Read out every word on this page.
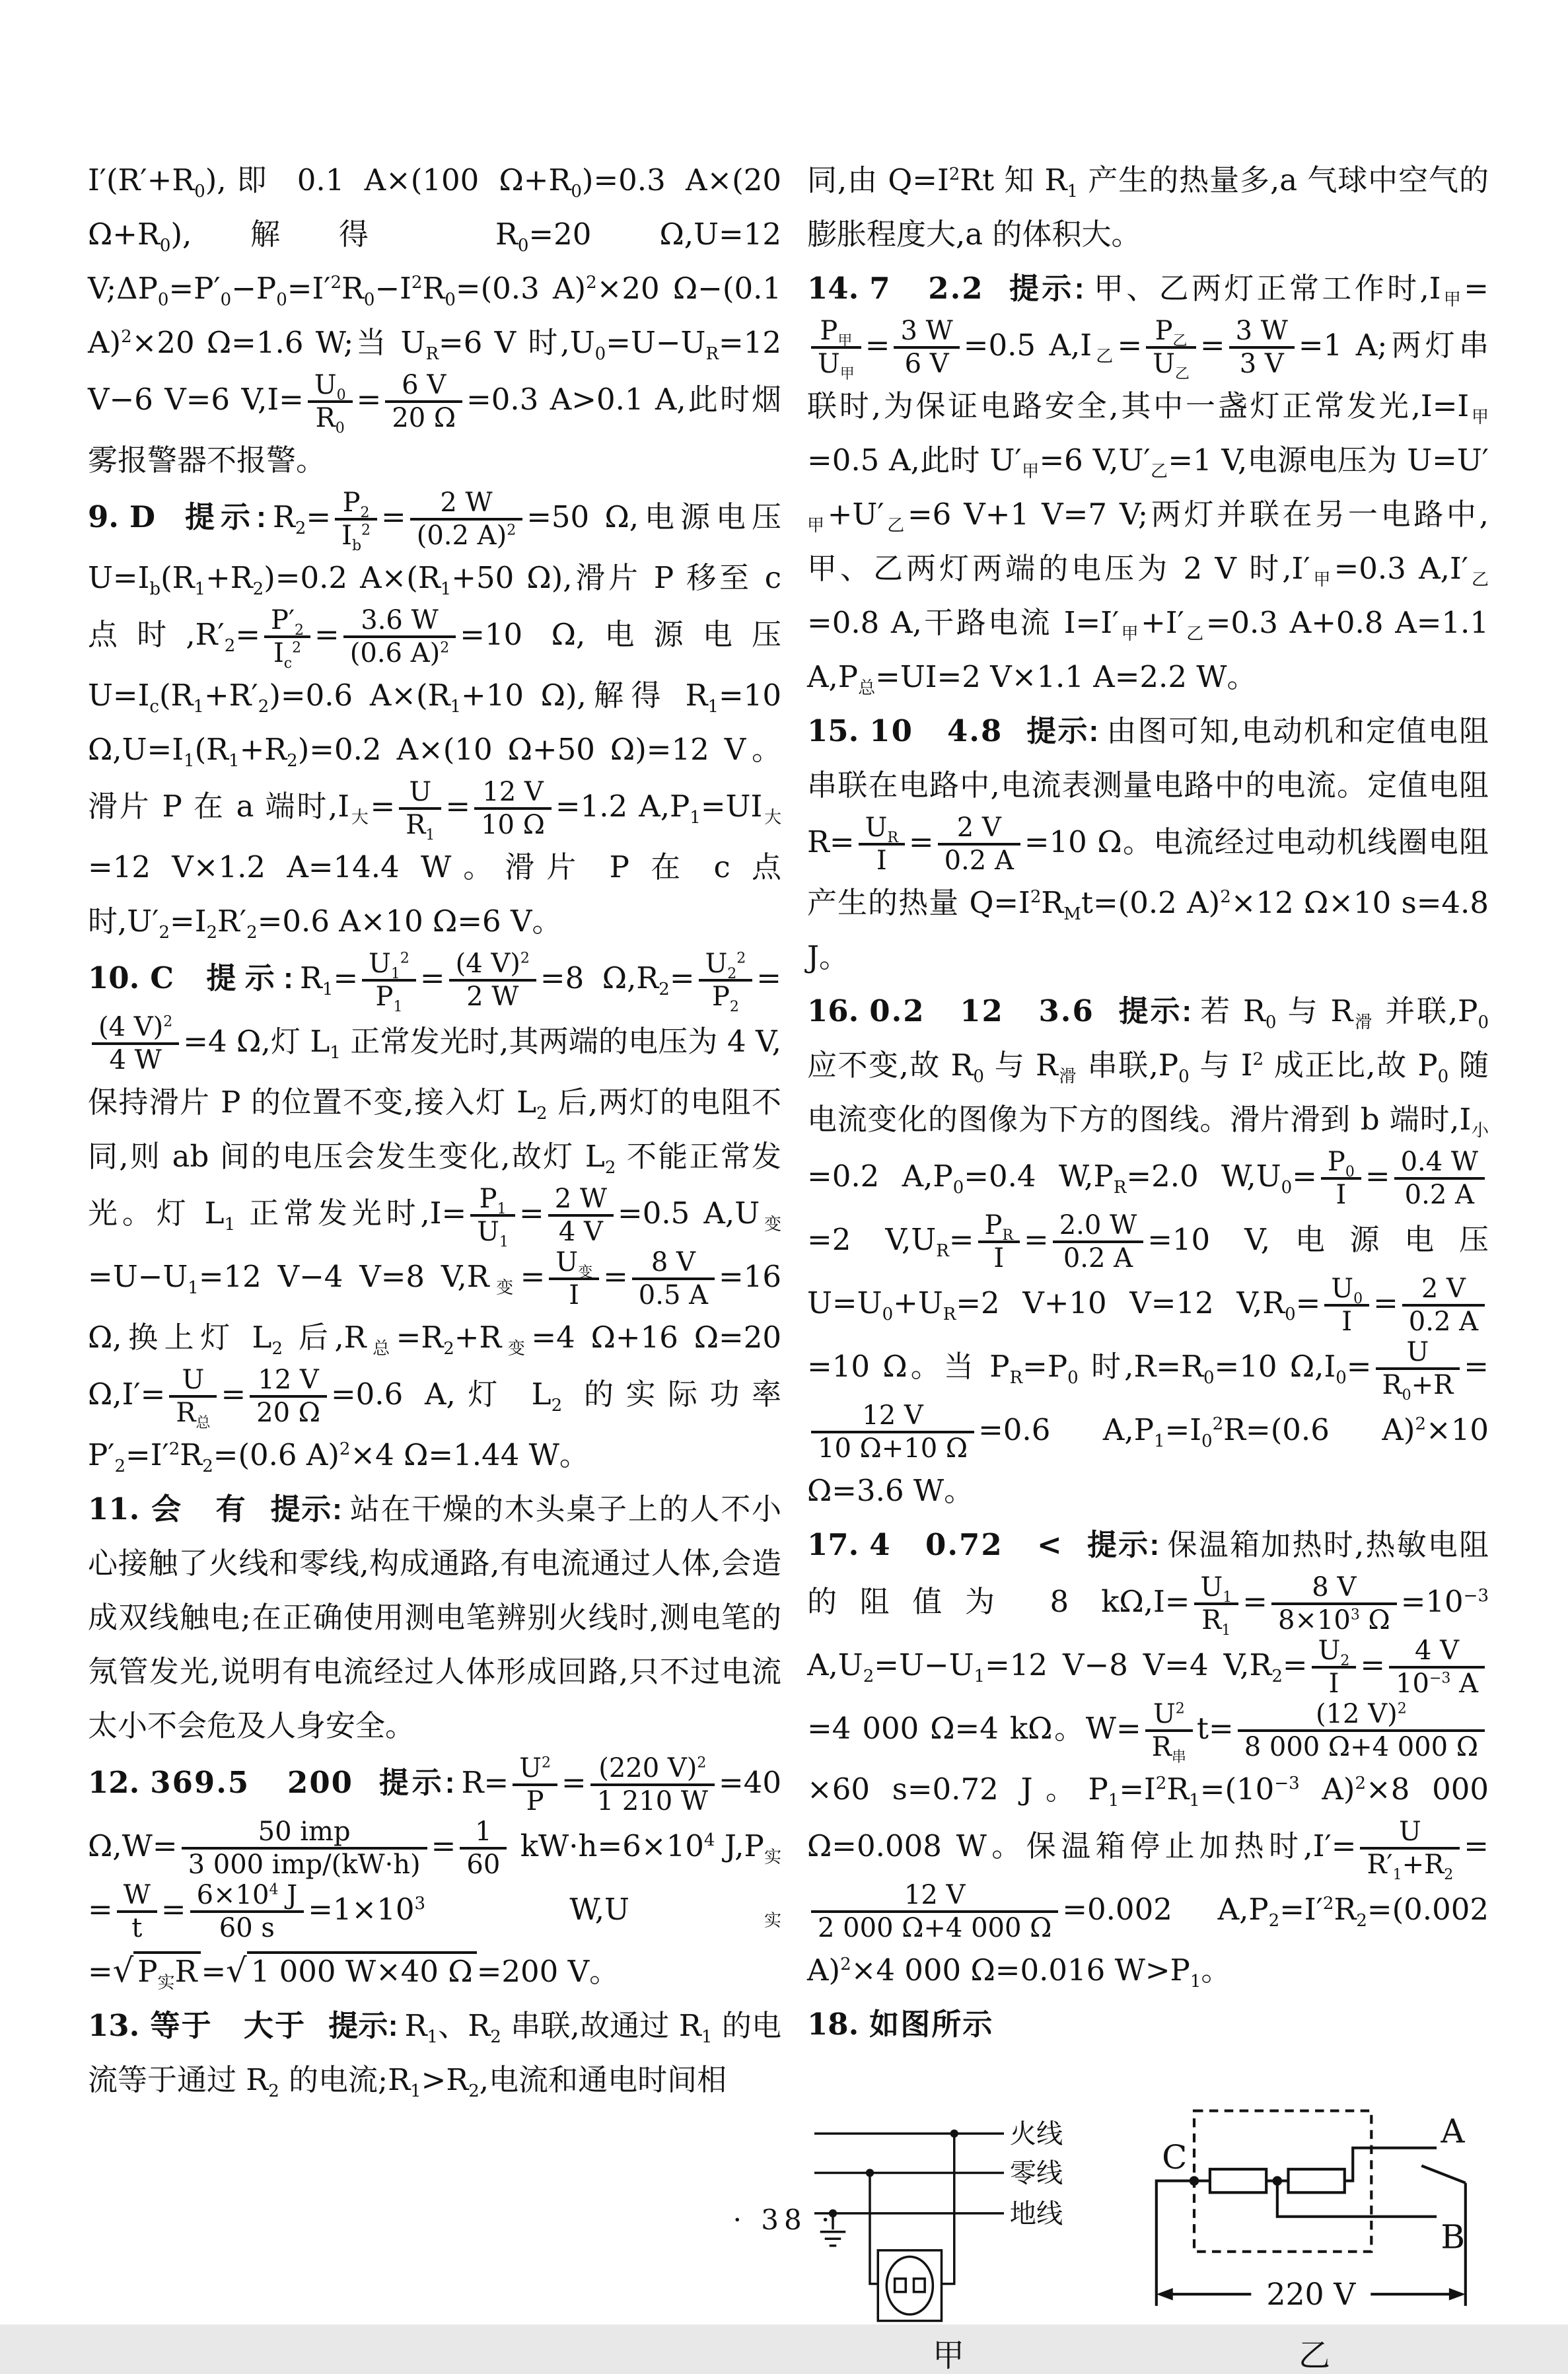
$I'(R'+R_0)$,即 0.1 A×(100 $\Omega+R_0)=0.3$ A×(20 $\Omega+R_0$),解得 $R_0=20$ Ω,U=12 $V;\Delta P_0=P'_0-P_0=I'^2R_0-I^2R_0=(0.3$ A)$^2$×20 Ω−(0.1 A)$^2$×20 Ω=1.6 W;当 $U_R=6$ V 时$,U_0=U-U_R=12$ V−6 V=6 $V,I= \frac{U_0}{R_0} = \frac{6 V}{20 \Omega} =0.3$ A>0.1 A,此时烟雾报警器不报警。

9. D 提示: $R_2= \frac{P_2}{I_b^2} = \frac{2 W}{(0.2 A)^2} =50$ Ω,电源电压 $U=I_b(R_1+R_2)=0.2$ $A\times(R_1+50$ Ω),滑片 P 移至 c 点时$,R'_2= \frac{P'_2}{I_c^2} = \frac{3.6 W}{(0.6 A)^2} =10$ Ω,电源电压 $U=I_c(R_1+R'_2)=0.6$ $A\times(R_1+10$ Ω),解得 $R_1=10$ $\Omega,U=I_1(R_1+R_2)=0.2$ A×(10 Ω+50 Ω)=12 V。滑片 P 在 a 端时$,I_大= \frac{U}{R_1} = \frac{12 V}{10 \Omega} =1.2$ $A,P_1=UI_大=12$ V×1.2 A=14.4 W。滑片 P 在 c 点时$,U'_2=I_2R'_2=0.6$ A×10 Ω=6 V。

10. C 提示: $R_1= \frac{U_1^2}{P_1} = \frac{(4 V)^2}{2 W} =8$ $\Omega,R_2= \frac{U_2^2}{P_2}$ =
$\frac{(4 V)^2}{4 W} =4$ Ω,灯 $L_1$ 正常发光时,其两端的电压为 4 V,保持滑片 P 的位置不变,接入灯 $L_2$ 后,两灯的电阻不同,则 ab 间的电压会发生变化,故灯 $L_2$ 不能正常发光。灯 $L_1$ 正常发光时$,I= \frac{P_1}{U_1} = \frac{2 W}{4 V} =0.5$ $A,U_变=U-U_1=12$ V−4 V=8 $V,R_变= \frac{U_变}{I} = \frac{8 V}{0.5 A} =16$ Ω,换上灯 $L_2$ 后$,R_总=R_2+R_变=4$ Ω+16 Ω=20 $\Omega,I'= \frac{U}{R_总} = \frac{12 V}{20 \Omega} =0.6$ A,灯 $L_2$ 的实际功率 $P'_2=I'^2R_2=(0.6$ A)$^2$×4 Ω=1.44 W。

11. 会　有 提示: 站在干燥的木头桌子上的人不小心接触了火线和零线,构成通路,有电流通过人体,会造成双线触电;在正确使用测电笔辨别火线时,测电笔的氖管发光,说明有电流经过人体形成回路,只不过电流太小不会危及人身安全。

12. 369.5　200 提示: $R= \frac{U^2}{P} = \frac{(220 V)^2}{1 210 W} =40$ $\Omega,W= \frac{\text{50 imp}}{\text{3 000 imp/(kW·h)}} = \frac{1}{60} kW\cdot h=6\times 10^4$ $J,P_实= \frac{W}{t} = \frac{6\times 10^4 J}{60 s} =1\times 10^3$ $W,U_实=√$ $P_实R$ =√ 1 000 W×40 Ω =200 V。

13. 等于　大于 提示: $R_1$、$R_2$ 串联,故通过 $R_1$ 的电流等于通过 $R_2$ 的电流$;R_1>R_2$,电流和通电时间相

同,由 $Q=I^2Rt$ 知 $R_1$ 产生的热量多,a 气球中空气的膨胀程度大,a 的体积大。

14. 7　2.2 提示: 甲、乙两灯正常工作时$,I_甲=$
$\frac{P_甲}{U_甲} = \frac{3 W}{6 V} =0.5$ $A,I_乙= \frac{P_乙}{U_乙} = \frac{3 W}{3 V} =1$ A;两灯串联时,为保证电路安全,其中一盏灯正常发光$,I=I_甲=0.5$ A,此时 $U'_甲=6$ $V,U'_乙=1$ V,电源电压为 $U=U'_甲+U'_乙=6$ V+1 V=7 V;两灯并联在另一电路中,甲、乙两灯两端的电压为 2 V 时$,I'_甲=0.3$ $A,I'_乙=0.8$ A,干路电流 $I=I'_甲+I'_乙=0.3$ A+0.8 A=1.1 $A,P_总=UI=2$ V×1.1 A=2.2 W。

15. 10　4.8 提示: 由图可知,电动机和定值电阻串联在电路中,电流表测量电路中的电流。定值电阻 $R= \frac{U_R}{I} = \frac{2 V}{0.2 A} =10$ Ω。电流经过电动机线圈电阻产生的热量 $Q=I^2R_Mt=(0.2$ A)$^2$×12 Ω×10 s=4.8 J。

16. 0.2　12　3.6 提示: 若 $R_0$ 与 $R_滑$ 并联$,P_0$ 应不变,故 $R_0$ 与 $R_滑$ 串联$,P_0$ 与 $I^2$ 成正比,故 $P_0$ 随电流变化的图像为下方的图线。滑片滑到 b 端时$,I_小=0.2$ $A,P_0=0.4$ $W,P_R=2.0$ $W,U_0= \frac{P_0}{I} = \frac{0.4 W}{0.2 A}$
=2 $V,U_R= \frac{P_R}{I} = \frac{2.0 W}{0.2 A} =10$ V,电源电压 $U=U_0+U_R=2$ V+10 V=12 $V,R_0= \frac{U_0}{I} = \frac{2 V}{0.2 A}$
=10 Ω。当 $P_R=P_0$ 时$,R=R_0=10$ $\Omega,I_0= \frac{U}{R_0+R}$ =
$\frac{12 V}{10 \Omega+10 \Omega} =0.6$ $A,P_1=I_0^2R=(0.6$ A)$^2$×10 Ω=3.6 W。

17. 4　0.72　< 提示: 保温箱加热时,热敏电阻的阻值为 8 $k\Omega,I= \frac{U_1}{R_1} = \frac{8 V}{8\times 10^3 \Omega} =10^{-3}$ $A,U_2=U-U_1=12$ V−8 V=4 $V,R_2= \frac{U_2}{I} = \frac{4 V}{10^{-3} A}$
=4 000 Ω=4 kΩ。$W= \frac{U^2}{R_串} t= \frac{(12 V)^2}{8 000 \Omega+4 000 \Omega}$
×60 s=0.72 J。$P_1=I^2R_1=(10^{-3}$ A)$^2$×8 000 Ω=0.008 W。保温箱停止加热时$,I'= \frac{U}{R'_1+R_2}$ =
$\frac{12 V}{2 000 \Omega+4 000 \Omega} =0.002$ $A,P_2=I'^2R_2=(0.002$ A)$^2$×4 000 Ω=0.016 $W>P_1$。

18. 如图所示

火线
零线
地线
甲
C
A
B
220 V
乙
· 38 ·
